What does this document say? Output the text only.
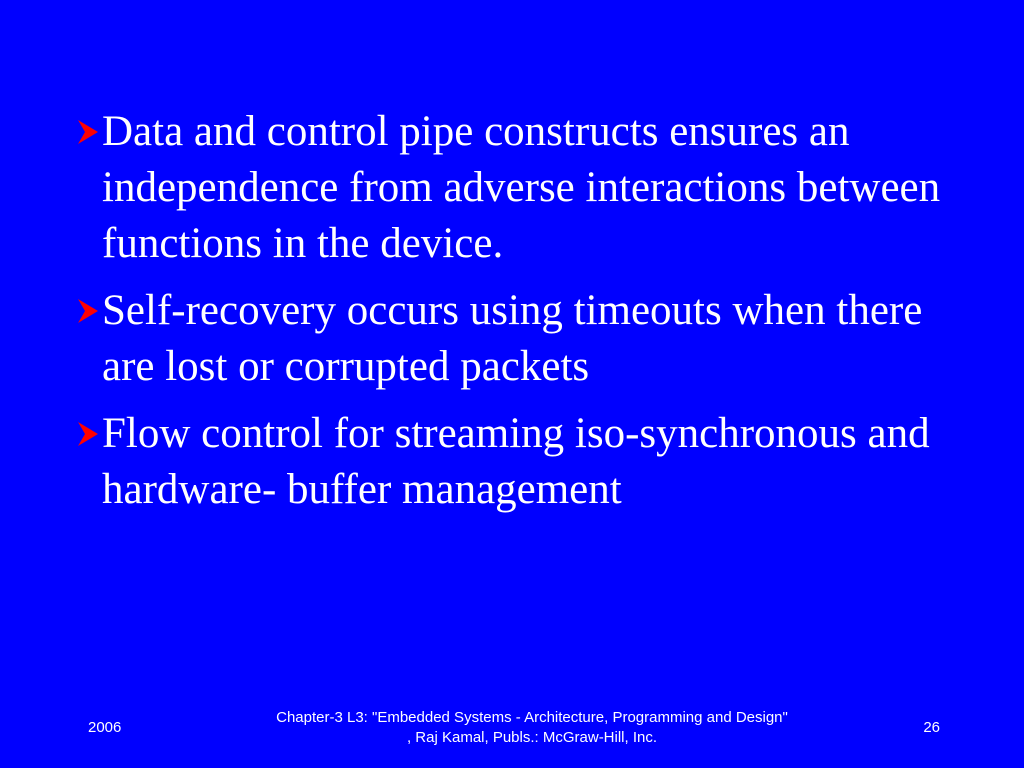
Data and control pipe constructs ensures an independence from adverse interactions between functions in the device.
Self-recovery occurs using timeouts when there are lost or corrupted packets
Flow control for streaming iso-synchronous and hardware- buffer management
2006
Chapter-3 L3: "Embedded Systems - Architecture, Programming and Design"
, Raj Kamal, Publs.: McGraw-Hill, Inc.
26
